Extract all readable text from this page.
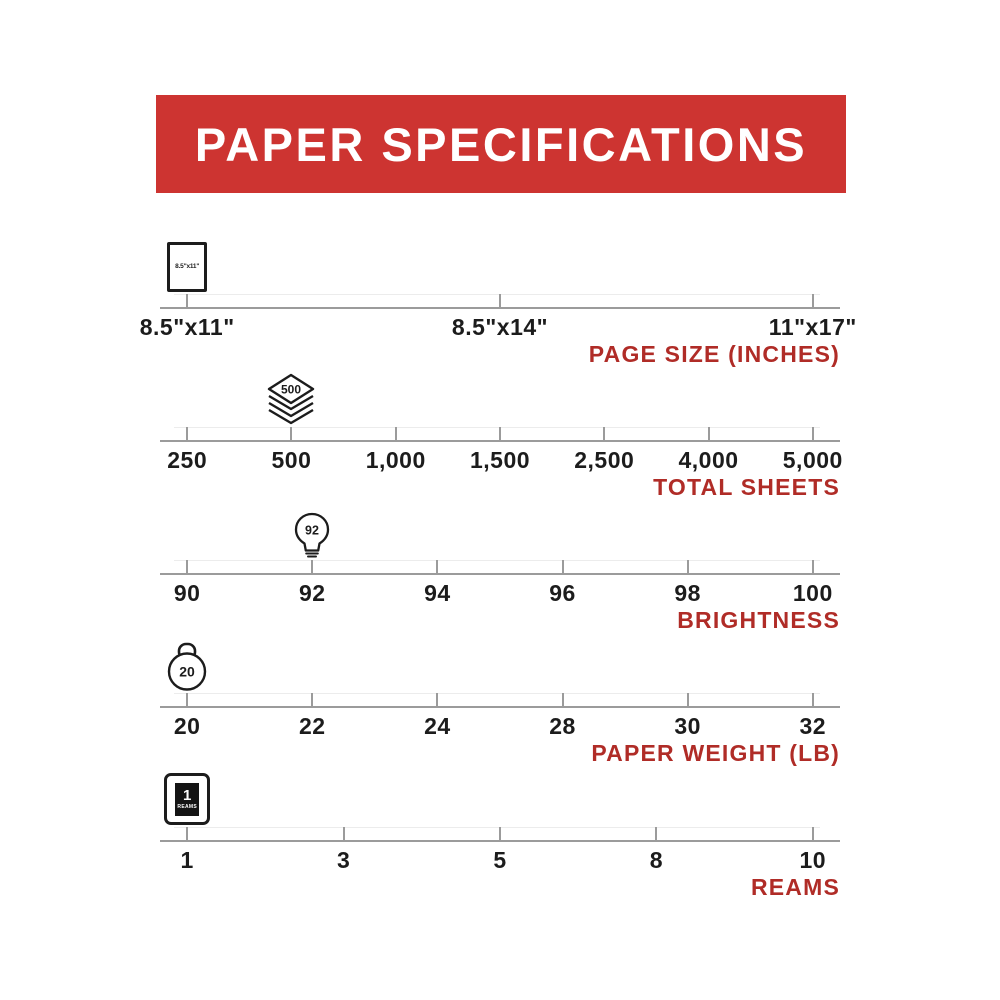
PAPER SPECIFICATIONS
8.5"x11"	8.5"x14"	11"x17"
8.5"x11"
PAGE SIZE (INCHES)
250	500 1,000 1,500 2,500 4,000 5,000
500
TOTAL SHEETS
90	92	94	96	98	100
92
BRIGHTNESS
20	22	24	28	30	32
20
PAPER WEIGHT (LB)
1	3	5	8	10
1
REAMS
REAMS
